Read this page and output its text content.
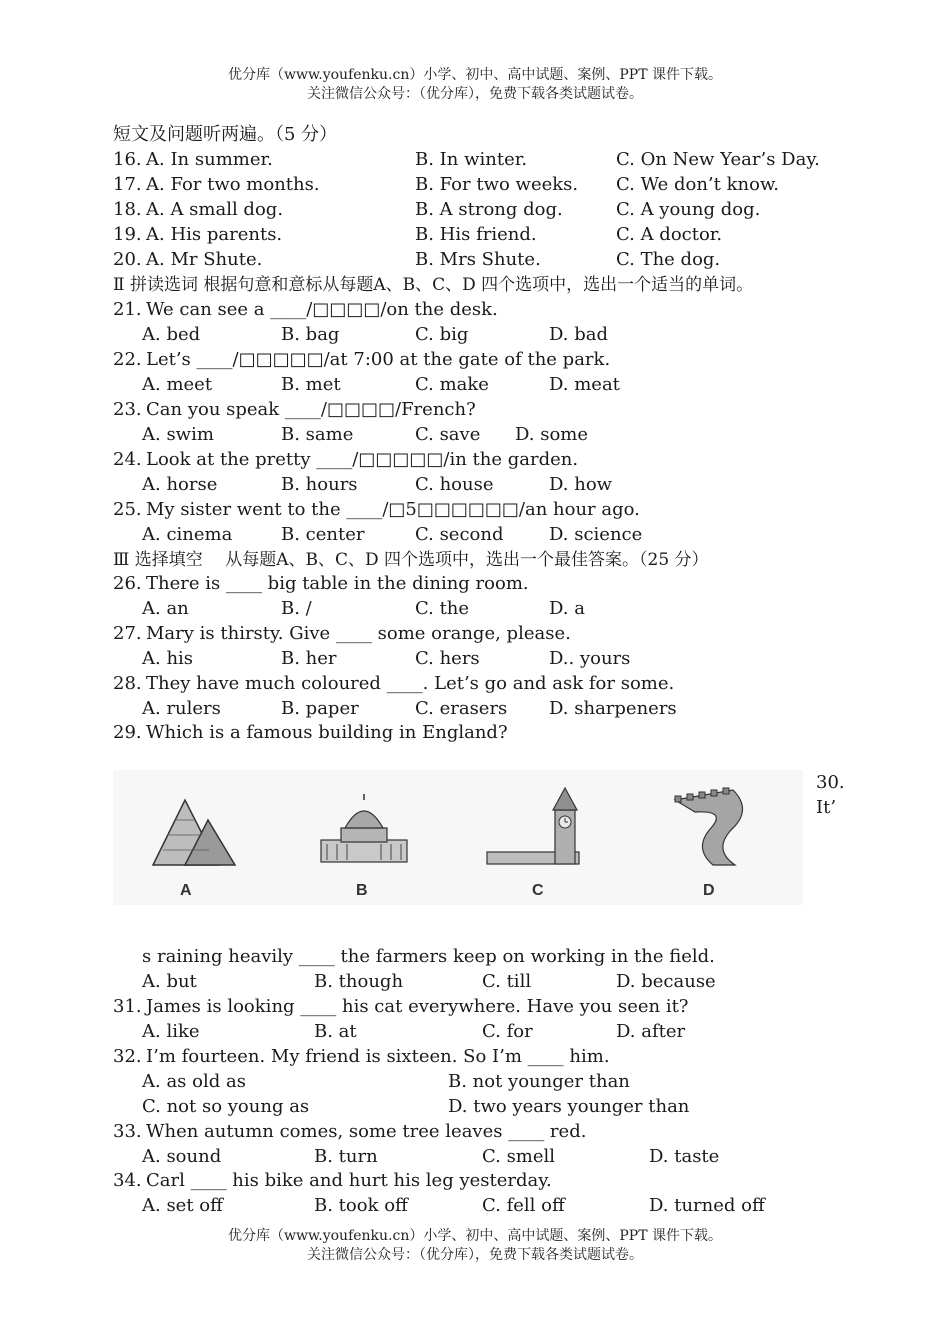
优分库（www.youfenku.cn）小学、初中、高中试题、案例、PPT 课件下载。
关注微信公众号：（优分库），免费下载各类试题试卷。
短文及问题听两遍。（5 分）
16. A. In summer.	B. In winter.	C. On New Year’s Day.
17. A. For two months.	B. For two weeks. C. We don’t know.
18. A. A small dog.	B. A strong dog.	C. A young dog.
19. A. His parents.	B. His friend.	C. A doctor.
20. A. Mr Shute.	B. Mrs Shute.	C. The dog.
Ⅱ 拼读选词 根据句意和意标从每题A、B、C、D 四个选项中，选出一个适当的单词。
21. We can see a ____/□□□□/on the desk.
A. bed	B. bag	C. big	D. bad
22. Let’s ____/□□□□□/at 7:00 at the gate of the park.
A. meet	B. met	C. make	D. meat
23. Can you speak ____/□□□□/French?
A. swim	B. same	C. save D. some
24. Look at the pretty ____/□□□□□/in the garden.
A. horse	B. hours	C. house	D. how
25. My sister went to the ____/□5□□□□□□/an hour ago.
A. cinema	B. center	C. second	D. science
Ⅲ 选择填空　 从每题A、B、C、D 四个选项中，选出一个最佳答案。（25 分）
26. There is ____ big table in the dining room.
A. an	B. /	C. the	D. a
27. Mary is thirsty. Give ____ some orange, please.
A. his	B. her	C. hers	D.. yours
28. They have much coloured ____. Let’s go and ask for some.
A. rulers	B. paper	C. erasers D. sharpeners
29. Which is a famous building in England?
A	B	C	D
30.
It’
s raining heavily ____ the farmers keep on working in the field.
A. but	B. though	C. till	D. because
31. James is looking ____ his cat everywhere. Have you seen it?
A. like	B. at	C. for	D. after
32. I’m fourteen. My friend is sixteen. So I’m ____ him.
A. as old as	B. not younger than
C. not so young as	D. two years younger than
33. When autumn comes, some tree leaves ____ red.
A. sound	B. turn	C. smell	D. taste
34. Carl ____ his bike and hurt his leg yesterday.
A. set off	B. took off	C. fell off	D. turned off
优分库（www.youfenku.cn）小学、初中、高中试题、案例、PPT 课件下载。
关注微信公众号：（优分库），免费下载各类试题试卷。
